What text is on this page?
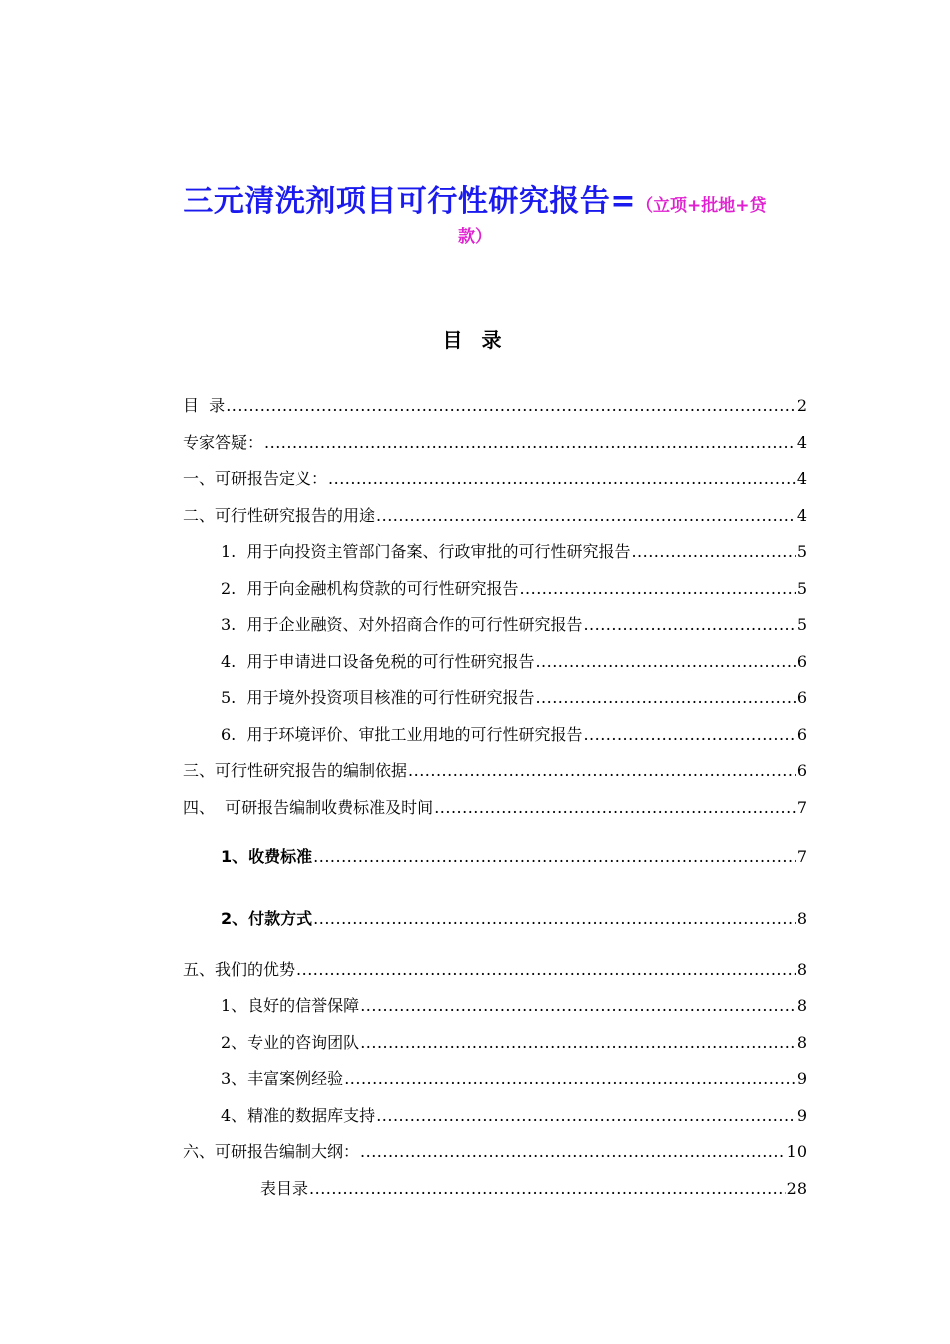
三元清洗剂项目可行性研究报告=（立项+批地+贷
款）
目 录
目  录 .....	2
专家答疑： .....	4
一、可研报告定义： .....	4
二、可行性研究报告的用途 .....	4
1.  用于向投资主管部门备案、行政审批的可行性研究报告 .....	5
2.  用于向金融机构贷款的可行性研究报告 .....	5
3.  用于企业融资、对外招商合作的可行性研究报告 .....	5
4.  用于申请进口设备免税的可行性研究报告 .....	6
5.  用于境外投资项目核准的可行性研究报告 .....	6
6.  用于环境评价、审批工业用地的可行性研究报告 .....	6
三、可行性研究报告的编制依据 .....	6
四、  可研报告编制收费标准及时间 .....	7
1、收费标准 .....	7
2、付款方式 .....	8
五、我们的优势 .....	8
1、良好的信誉保障 .....	8
2、专业的咨询团队 .....	8
3、丰富案例经验 .....	9
4、精准的数据库支持 .....	9
六、可研报告编制大纲： .....	10
表目录 .....	28
